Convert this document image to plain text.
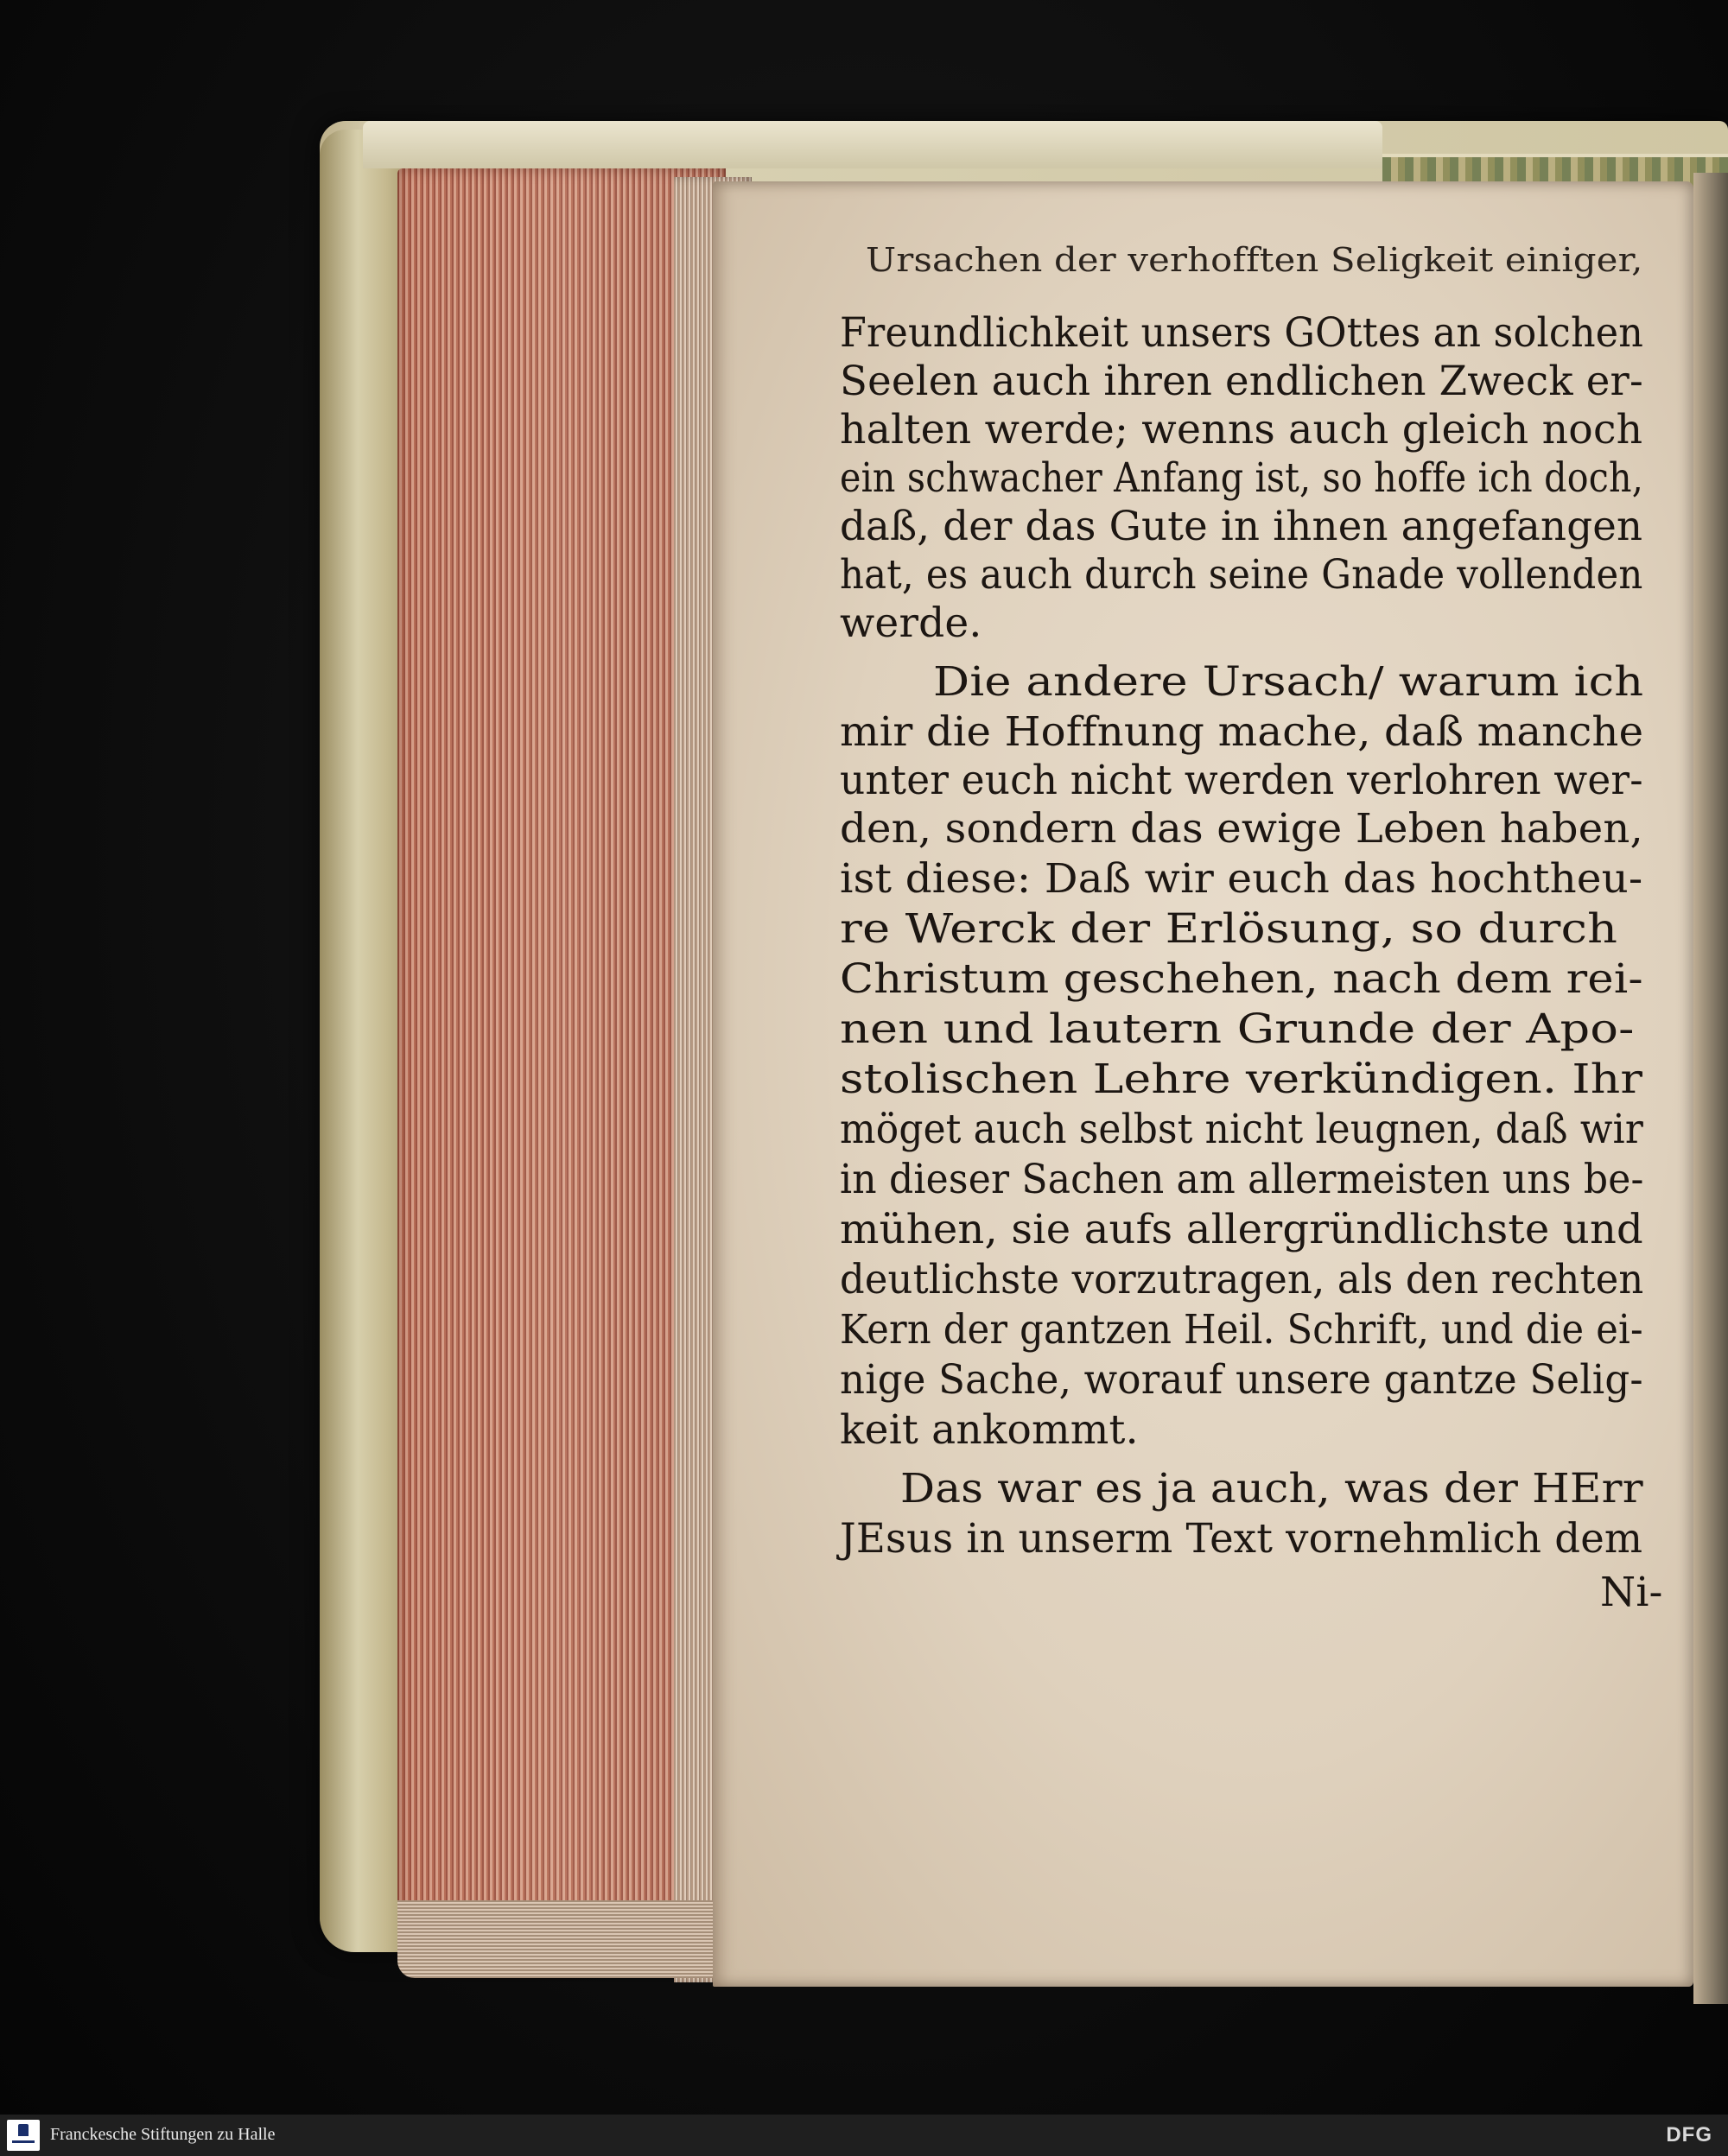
Ursachen der verhofften Seligkeit einiger,
Freundlichkeit unsers GOttes an solchen
Seelen auch ihren endlichen Zweck er-
halten werde; wenns auch gleich noch
ein schwacher Anfang ist, so hoffe ich doch,
daß, der das Gute in ihnen angefangen
hat, es auch durch seine Gnade vollenden
werde.
Die andere Ursach/ warum ich
mir die Hoffnung mache, daß manche
unter euch nicht werden verlohren wer-
den, sondern das ewige Leben haben,
ist diese: Daß wir euch das hochtheu-
re Werck der Erlösung, so durch
Christum geschehen, nach dem rei-
nen und lautern Grunde der Apo-
stolischen Lehre verkündigen. Ihr
möget auch selbst nicht leugnen, daß wir
in dieser Sachen am allermeisten uns be-
mühen, sie aufs allergründlichste und
deutlichste vorzutragen, als den rechten
Kern der gantzen Heil. Schrift, und die ei-
nige Sache, worauf unsere gantze Selig-
keit ankommt.
Das war es ja auch, was der HErr
JEsus in unserm Text vornehmlich dem
Ni-
Franckesche Stiftungen zu Halle	DFG
